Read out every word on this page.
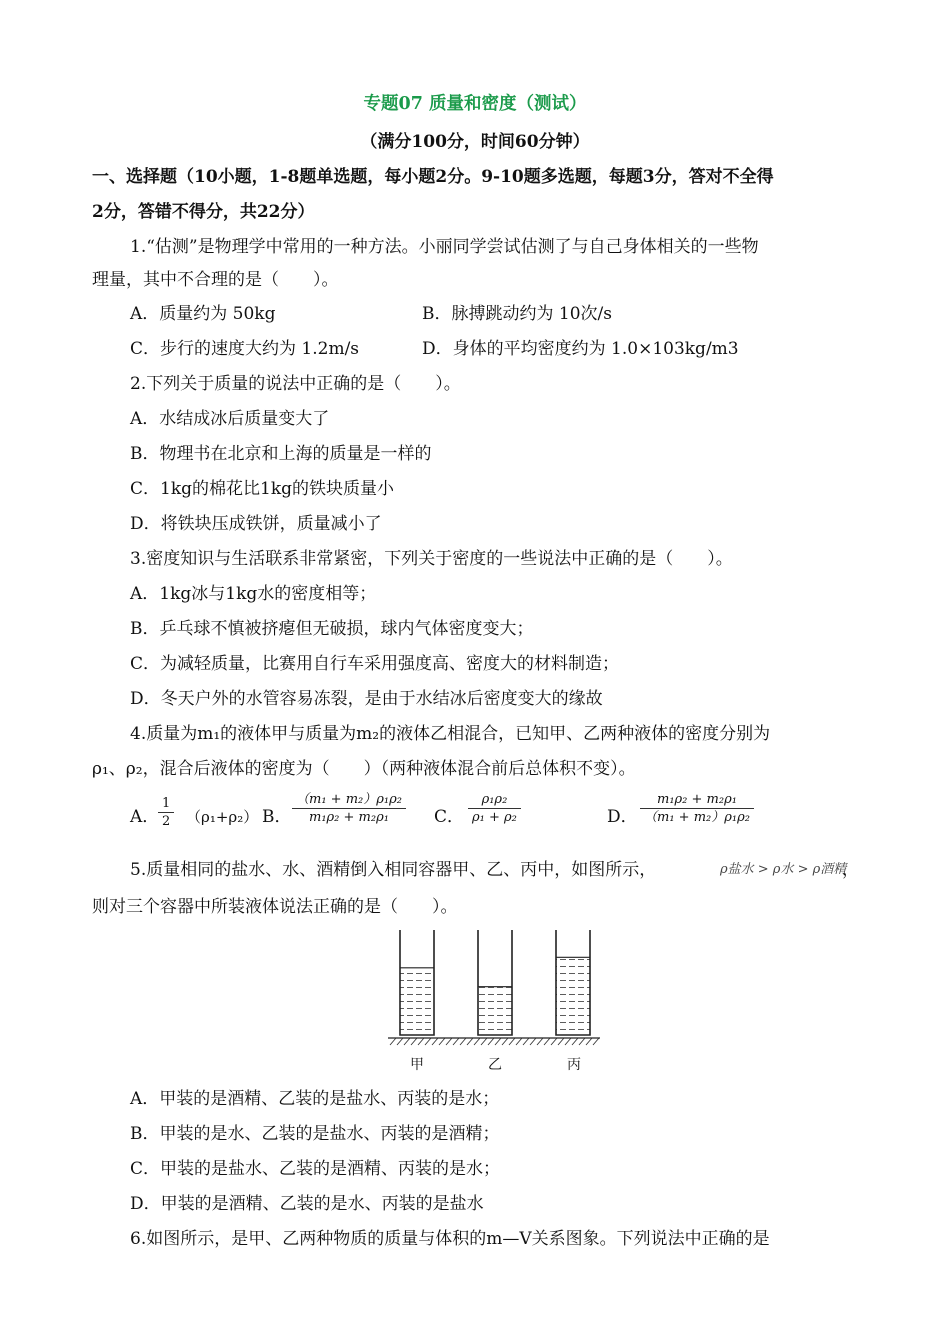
专题07 质量和密度（测试）
（满分100分，时间60分钟）
一、选择题（10小题，1-8题单选题，每小题2分。9-10题多选题，每题3分，答对不全得
2分，答错不得分，共22分）
1.“估测”是物理学中常用的一种方法。小丽同学尝试估测了与自己身体相关的一些物
理量，其中不合理的是（　　）。
A．质量约为 50kg	B．脉搏跳动约为 10次/s
C．步行的速度大约为 1.2m/s	D．身体的平均密度约为 1.0×103kg/m3
2.下列关于质量的说法中正确的是（　　）。
A．水结成冰后质量变大了
B．物理书在北京和上海的质量是一样的
C．1kg的棉花比1kg的铁块质量小
D．将铁块压成铁饼，质量减小了
3.密度知识与生活联系非常紧密，下列关于密度的一些说法中正确的是（　　）。
A．1kg冰与1kg水的密度相等；
B．乒乓球不慎被挤瘪但无破损，球内气体密度变大；
C．为减轻质量，比赛用自行车采用强度高、密度大的材料制造；
D．冬天户外的水管容易冻裂，是由于水结冰后密度变大的缘故
4.质量为m₁的液体甲与质量为m₂的液体乙相混合，已知甲、乙两种液体的密度分别为
ρ₁、ρ₂，混合后液体的密度为（　　）（两种液体混合前后总体积不变）。
A．
$\frac{1}{2} (\rho_1+\rho_2)$ B． $\frac{\text{（m₁ + m₂）ρ₁ρ₂}}{\text{m₁ρ₂ + m₂ρ₁}}$ C． $\frac{\text{ρ₁ρ₂}}{\text{ρ₁ + ρ₂}}$	D． $\frac{\text{m₁ρ₂ + m₂ρ₁}}{\text{（m₁ + m₂）ρ₁ρ₂}}$
5.质量相同的盐水、水、酒精倒入相同容器甲、乙、丙中，如图所示，	ρ盐水 > ρ水 > ρ酒精
，
则对三个容器中所装液体说法正确的是（　　）。
甲	乙	丙
A．甲装的是酒精、乙装的是盐水、丙装的是水；
B．甲装的是水、乙装的是盐水、丙装的是酒精；
C．甲装的是盐水、乙装的是酒精、丙装的是水；
D．甲装的是酒精、乙装的是水、丙装的是盐水
6.如图所示，是甲、乙两种物质的质量与体积的m—V关系图象。下列说法中正确的是
